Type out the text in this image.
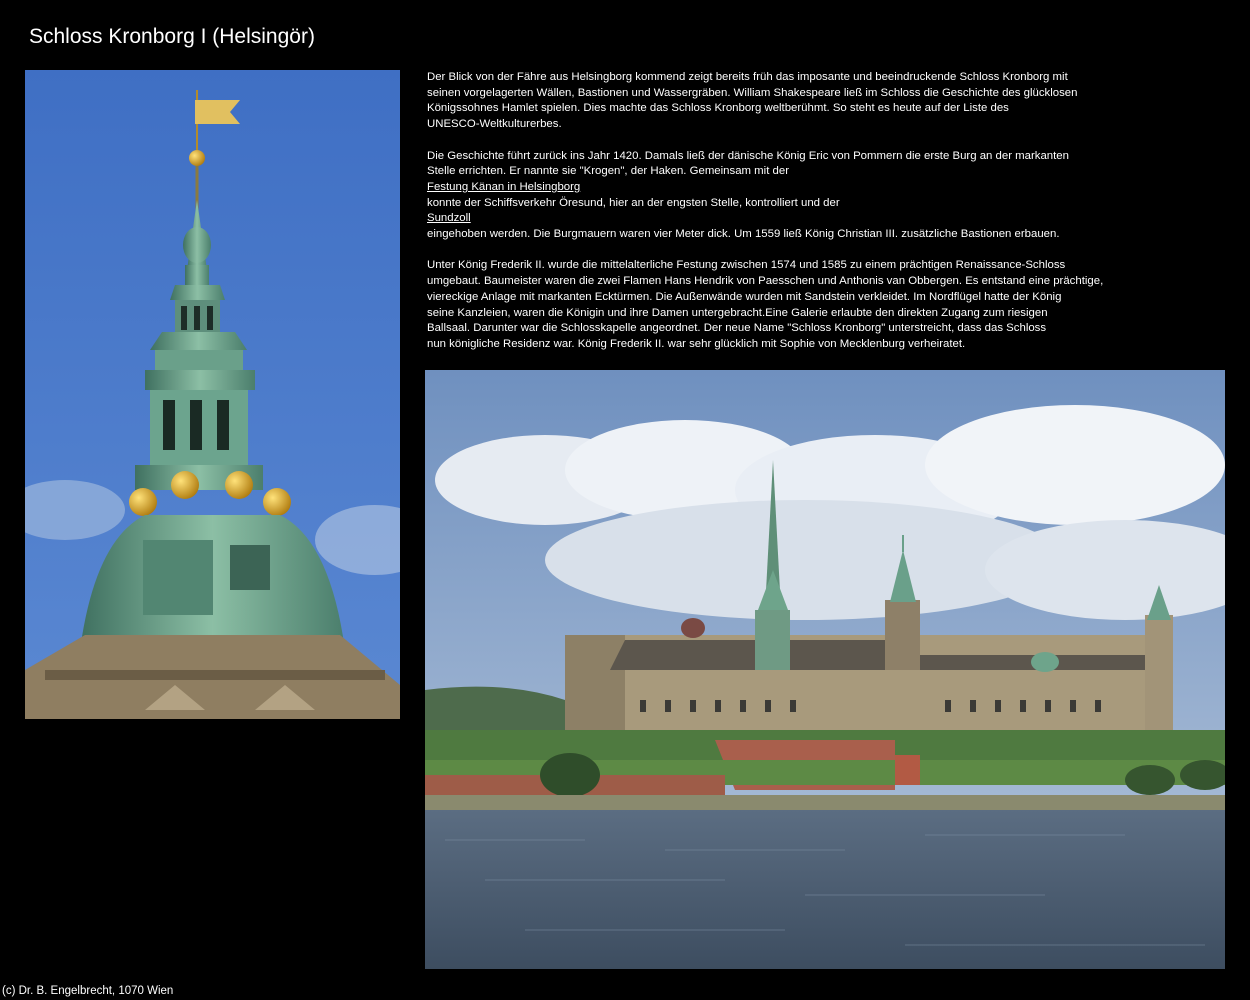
Schloss Kronborg I (Helsingör)

Der Blick von der Fähre aus Helsingborg kommend zeigt bereits früh das imposante und beeindruckende Schloss Kronborg mit
seinen vorgelagerten Wällen, Bastionen und Wassergräben. William Shakespeare ließ im Schloss die Geschichte des glücklosen
Königssohnes Hamlet spielen. Dies machte das Schloss Kronborg weltberühmt. So steht es heute auf der Liste des
UNESCO-Weltkulturerbes.

Die Geschichte führt zurück ins Jahr 1420. Damals ließ der dänische König Eric von Pommern die erste Burg an der markanten
Stelle errichten. Er nannte sie "Krogen", der Haken. Gemeinsam mit der
Festung Känan in Helsingborg
konnte der Schiffsverkehr Öresund, hier an der engsten Stelle, kontrolliert und der
Sundzoll
eingehoben werden. Die Burgmauern waren vier Meter dick. Um 1559 ließ König Christian III. zusätzliche Bastionen erbauen.

Unter König Frederik II. wurde die mittelalterliche Festung zwischen 1574 und 1585 zu einem prächtigen Renaissance-Schloss
umgebaut. Baumeister waren die zwei Flamen Hans Hendrik von Paesschen und Anthonis van Obbergen. Es entstand eine prächtige,
viereckige Anlage mit markanten Ecktürmen. Die Außenwände wurden mit Sandstein verkleidet. Im Nordflügel hatte der König
seine Kanzleien, waren die Königin und ihre Damen untergebracht.Eine Galerie erlaubte den direkten Zugang zum riesigen
Ballsaal. Darunter war die Schlosskapelle angeordnet. Der neue Name "Schloss Kronborg" unterstreicht, dass das Schloss
nun königliche Residenz war. König Frederik II. war sehr glücklich mit Sophie von Mecklenburg verheiratet.

(c) Dr. B. Engelbrecht, 1070 Wien
